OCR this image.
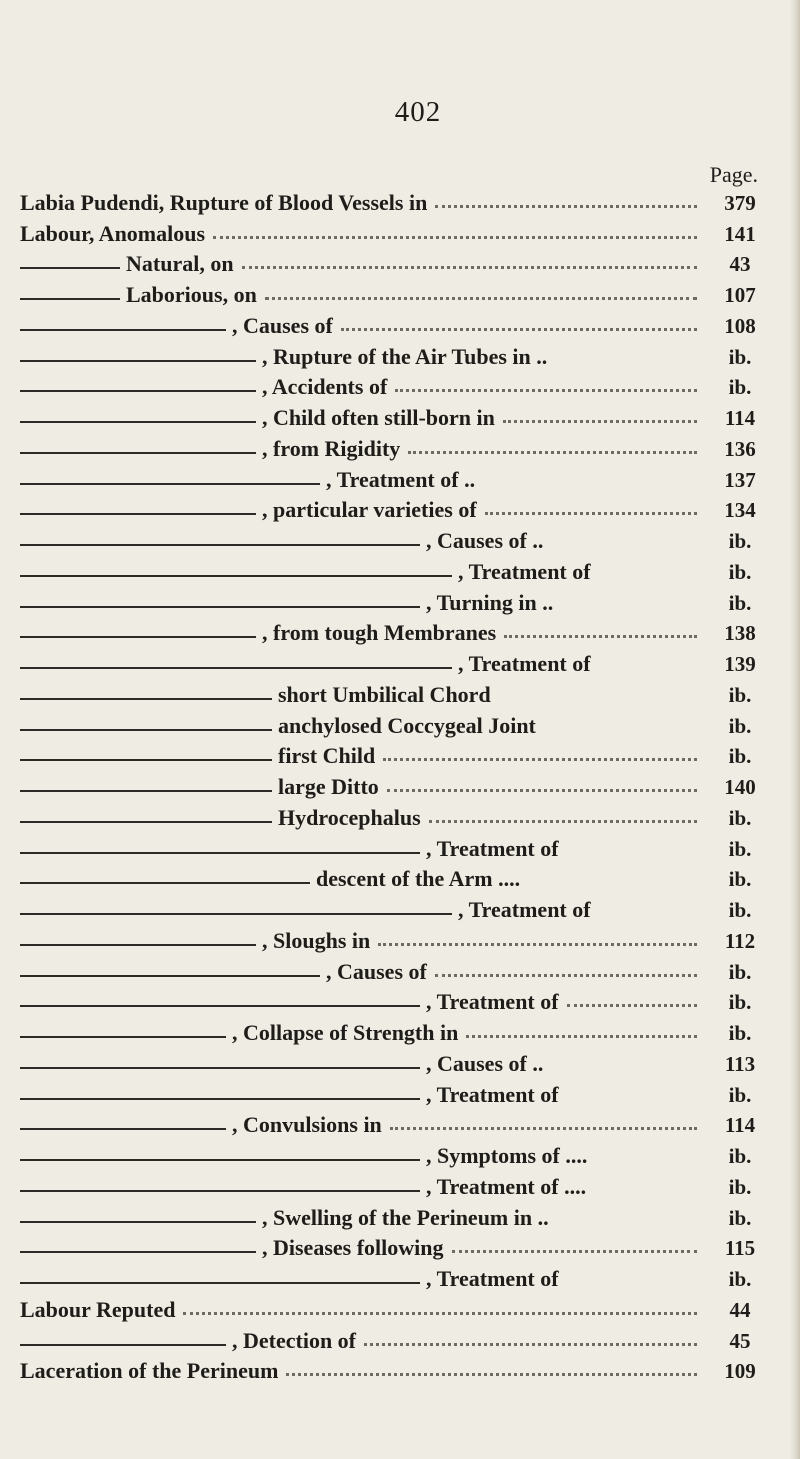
402
Page.
Labia Pudendi, Rupture of Blood Vessels in	379
Labour, Anomalous	141
Natural, on	43
Laborious, on	107
, Causes of	108
, Rupture of the Air Tubes in ..	ib.
, Accidents of	ib.
, Child often still-born in	114
, from Rigidity	136
, Treatment of ..	137
, particular varieties of	134
, Causes of ..	ib.
, Treatment of	ib.
, Turning in ..	ib.
, from tough Membranes	138
, Treatment of	139
short Umbilical Chord	ib.
anchylosed Coccygeal Joint	ib.
first Child	ib.
large Ditto	140
Hydrocephalus	ib.
, Treatment of	ib.
descent of the Arm ....	ib.
, Treatment of	ib.
, Sloughs in	112
, Causes of	ib.
, Treatment of	ib.
, Collapse of Strength in	ib.
, Causes of ..	113
, Treatment of	ib.
, Convulsions in	114
, Symptoms of ....	ib.
, Treatment of ....	ib.
, Swelling of the Perineum in ..	ib.
, Diseases following	115
, Treatment of	ib.
Labour Reputed	44
, Detection of	45
Laceration of the Perineum	109
